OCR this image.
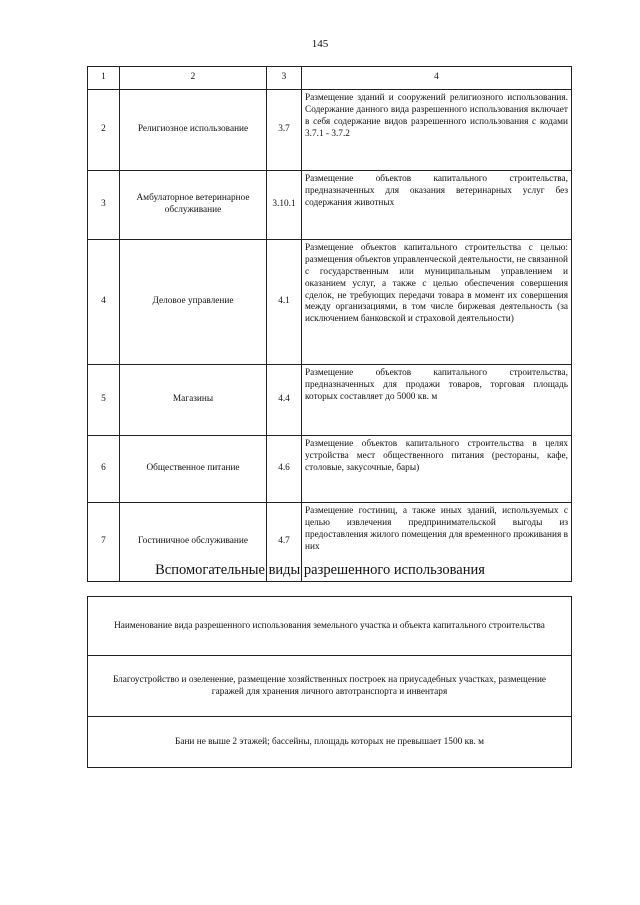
145
1	2	3	4
2	Религиозное использование	3.7	Размещение зданий и сооружений религиозного использования. Содержание данного вида разрешенного использования включает в себя содержание видов разрешенного использования с кодами 3.7.1 - 3.7.2
3	Амбулаторное ветеринарное обслуживание	3.10.1	Размещение объектов капитального строительства, предназначенных для оказания ветеринарных услуг без содержания животных
4	Деловое управление	4.1	Размещение объектов капитального строительства с целью: размещения объектов управленческой деятельности, не связанной с государственным или муниципальным управлением и оказанием услуг, а также с целью обеспечения совершения сделок, не требующих передачи товара в момент их совершения между организациями, в том числе биржевая деятельность (за исключением банковской и страховой деятельности)
5	Магазины	4.4	Размещение объектов капитального строительства, предназначенных для продажи товаров, торговая площадь которых составляет до 5000 кв. м
6	Общественное питание	4.6	Размещение объектов капитального строительства в целях устройства мест общественного питания (рестораны, кафе, столовые, закусочные, бары)
7	Гостиничное обслуживание	4.7	Размещение гостиниц, а также иных зданий, используемых с целью извлечения предпринимательской выгоды из предоставления жилого помещения для временного проживания в них
Вспомогательные виды разрешенного использования
Наименование вида разрешенного использования земельного участка и объекта капитального строительства
Благоустройство и озеленение, размещение хозяйственных построек на приусадебных участках, размещение гаражей для хранения личного автотранспорта и инвентаря
Бани не выше 2 этажей; бассейны, площадь которых не превышает 1500 кв. м
